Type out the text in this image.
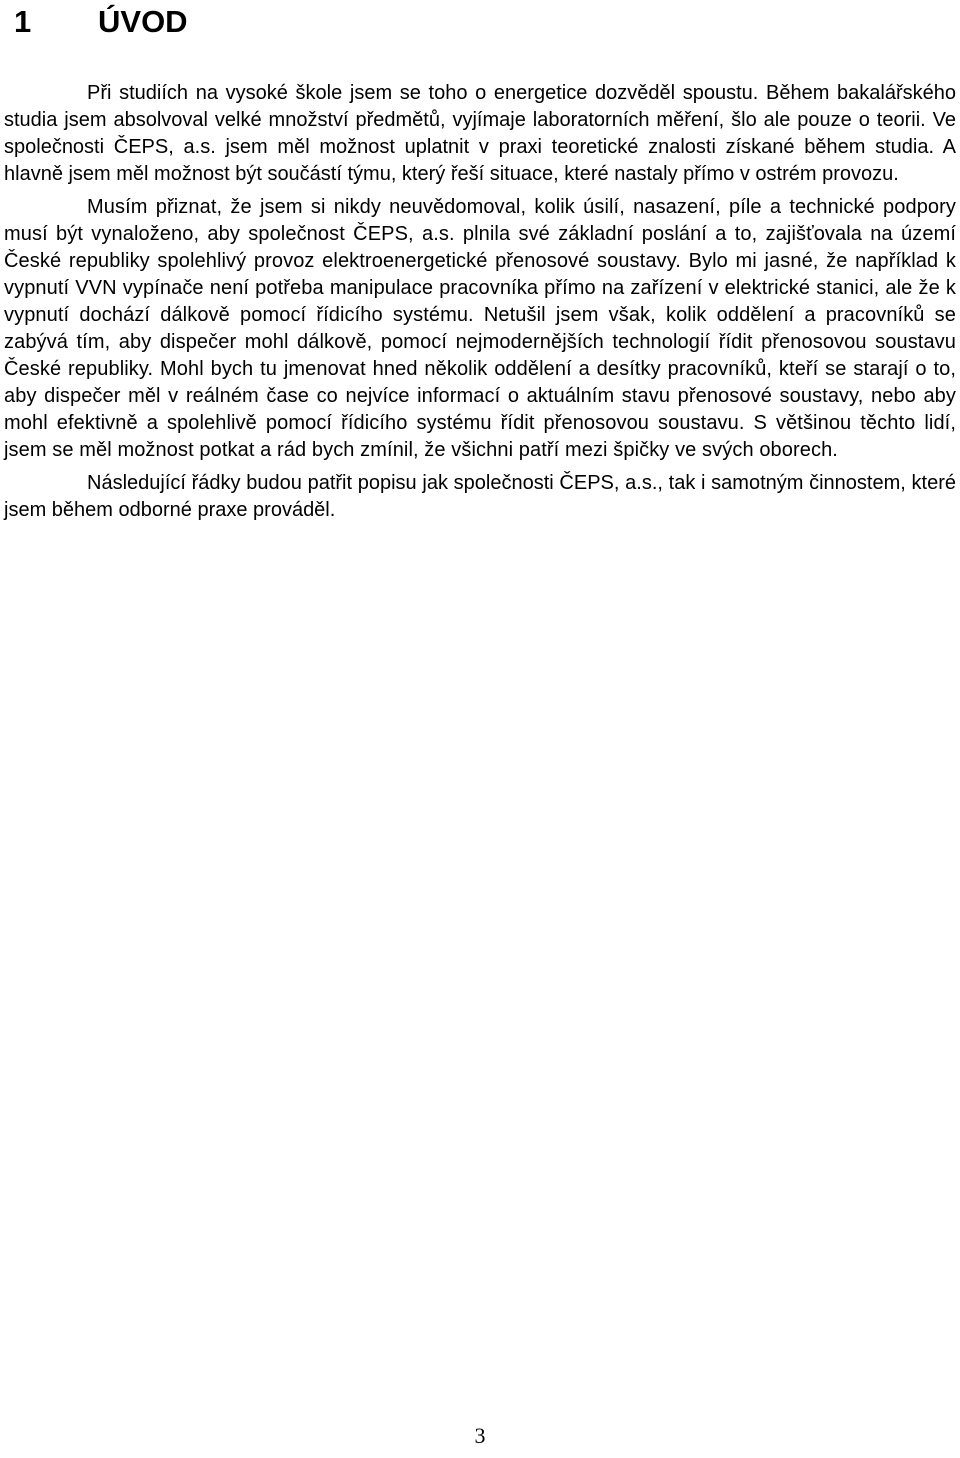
1 ÚVOD

Při studiích na vysoké škole jsem se toho o energetice dozvěděl spoustu. Během bakalářského studia jsem absolvoval velké množství předmětů, vyjímaje laboratorních měření, šlo ale pouze o teorii. Ve společnosti ČEPS, a.s. jsem měl možnost uplatnit v praxi teoretické znalosti získané během studia. A hlavně jsem měl možnost být součástí týmu, který řeší situace, které nastaly přímo v ostrém provozu.

Musím přiznat, že jsem si nikdy neuvědomoval, kolik úsilí, nasazení, píle a technické podpory musí být vynaloženo, aby společnost ČEPS, a.s. plnila své základní poslání a to, zajišťovala na území České republiky spolehlivý provoz elektroenergetické přenosové soustavy. Bylo mi jasné, že například k vypnutí VVN vypínače není potřeba manipulace pracovníka přímo na zařízení v elektrické stanici, ale že k vypnutí dochází dálkově pomocí řídicího systému. Netušil jsem však, kolik oddělení a pracovníků se zabývá tím, aby dispečer mohl dálkově, pomocí nejmodernějších technologií řídit přenosovou soustavu České republiky. Mohl bych tu jmenovat hned několik oddělení a desítky pracovníků, kteří se starají o to, aby dispečer měl v reálném čase co nejvíce informací o aktuálním stavu přenosové soustavy, nebo aby mohl efektivně a spolehlivě pomocí řídicího systému řídit přenosovou soustavu. S většinou těchto lidí, jsem se měl možnost potkat a rád bych zmínil, že všichni patří mezi špičky ve svých oborech.

Následující řádky budou patřit popisu jak společnosti ČEPS, a.s., tak i samotným činnostem, které jsem během odborné praxe prováděl.

3
